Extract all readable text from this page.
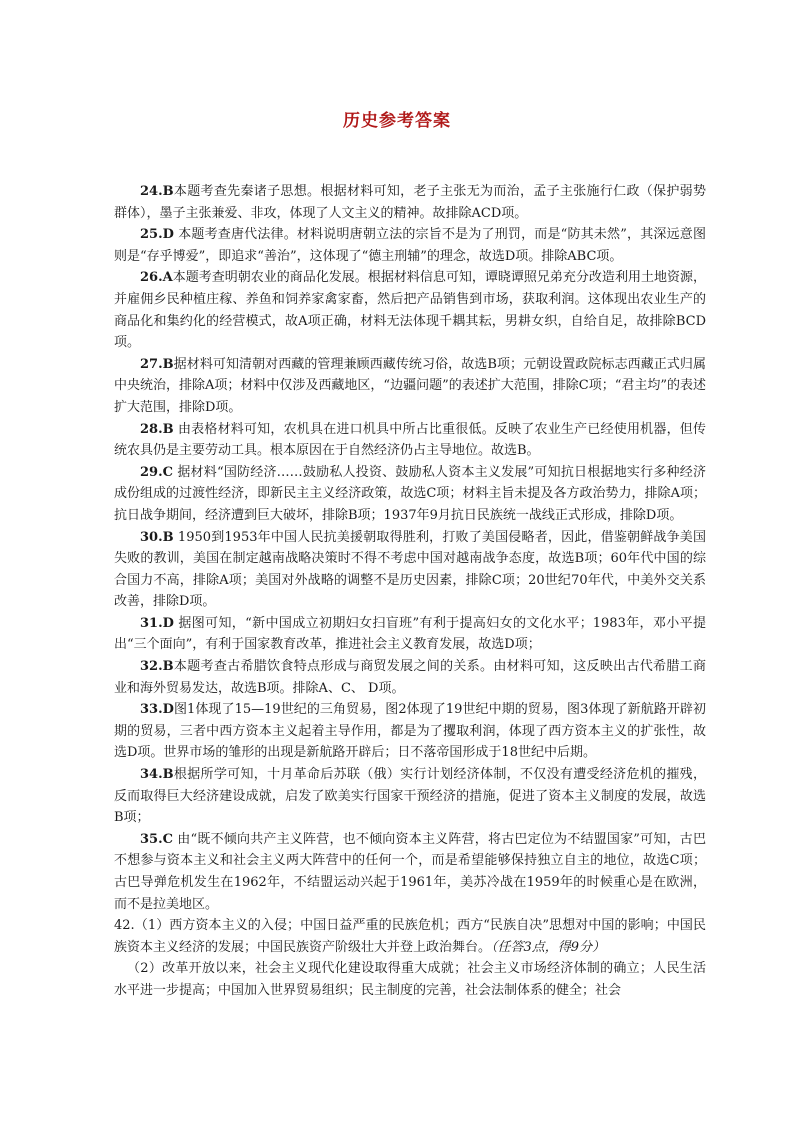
历史参考答案

24.B本题考查先秦诸子思想。根据材料可知，老子主张无为而治，孟子主张施行仁政（保护弱势群体），墨子主张兼爱、非攻，体现了人文主义的精神。故排除ACD项。

25.D 本题考查唐代法律。材料说明唐朝立法的宗旨不是为了刑罚，而是“防其未然”，其深远意图则是“存乎博爱”，即追求“善治”，这体现了“德主刑辅”的理念，故选D项。排除ABC项。

26.A本题考查明朝农业的商品化发展。根据材料信息可知，谭晓谭照兄弟充分改造利用土地资源，并雇佣乡民种植庄稼、养鱼和饲养家禽家畜，然后把产品销售到市场，获取利润。这体现出农业生产的商品化和集约化的经营模式，故A项正确，材料无法体现千耦其耘，男耕女织，自给自足，故排除BCD项。

27.B据材料可知清朝对西藏的管理兼顾西藏传统习俗，故选B项；元朝设置政院标志西藏正式归属中央统治，排除A项；材料中仅涉及西藏地区，“边疆问题”的表述扩大范围，排除C项；“君主均”的表述扩大范围，排除D项。

28.B 由表格材料可知，农机具在进口机具中所占比重很低。反映了农业生产已经使用机器，但传统农具仍是主要劳动工具。根本原因在于自然经济仍占主导地位。故选B。

29.C 据材料“国防经济……鼓励私人投资、鼓励私人资本主义发展”可知抗日根据地实行多种经济成份组成的过渡性经济，即新民主主义经济政策，故选C项；材料主旨未提及各方政治势力，排除A项；抗日战争期间，经济遭到巨大破坏，排除B项；1937年9月抗日民族统一战线正式形成，排除D项。

30.B 1950到1953年中国人民抗美援朝取得胜利，打败了美国侵略者，因此，借鉴朝鲜战争美国失败的教训，美国在制定越南战略决策时不得不考虑中国对越南战争态度，故选B项；60年代中国的综合国力不高，排除A项；美国对外战略的调整不是历史因素，排除C项；20世纪70年代，中美外交关系改善，排除D项。

31.D 据图可知，“新中国成立初期妇女扫盲班”有利于提高妇女的文化水平；1983年，邓小平提出“三个面向”，有利于国家教育改革，推进社会主义教育发展，故选D项；

32.B本题考查古希腊饮食特点形成与商贸发展之间的关系。由材料可知，这反映出古代希腊工商业和海外贸易发达，故选B项。排除A、C、 D项。

33.D图1体现了15—19世纪的三角贸易，图2体现了19世纪中期的贸易，图3体现了新航路开辟初期的贸易，三者中西方资本主义起着主导作用，都是为了攫取利润，体现了西方资本主义的扩张性，故选D项。世界市场的雏形的出现是新航路开辟后；日不落帝国形成于18世纪中后期。

34.B根据所学可知，十月革命后苏联（俄）实行计划经济体制，不仅没有遭受经济危机的摧残，反而取得巨大经济建设成就，启发了欧美实行国家干预经济的措施，促进了资本主义制度的发展，故选B项；

35.C 由“既不倾向共产主义阵营，也不倾向资本主义阵营，将古巴定位为不结盟国家”可知，古巴不想参与资本主义和社会主义两大阵营中的任何一个，而是希望能够保持独立自主的地位，故选C项；古巴导弹危机发生在1962年，不结盟运动兴起于1961年，美苏冷战在1959年的时候重心是在欧洲，而不是拉美地区。

42.（1）西方资本主义的入侵；中国日益严重的民族危机；西方“民族自决”思想对中国的影响；中国民族资本主义经济的发展；中国民族资产阶级壮大并登上政治舞台。（任答3点，得9分）

（2）改革开放以来，社会主义现代化建设取得重大成就；社会主义市场经济体制的确立；人民生活水平进一步提高；中国加入世界贸易组织；民主制度的完善，社会法制体系的健全；社会
